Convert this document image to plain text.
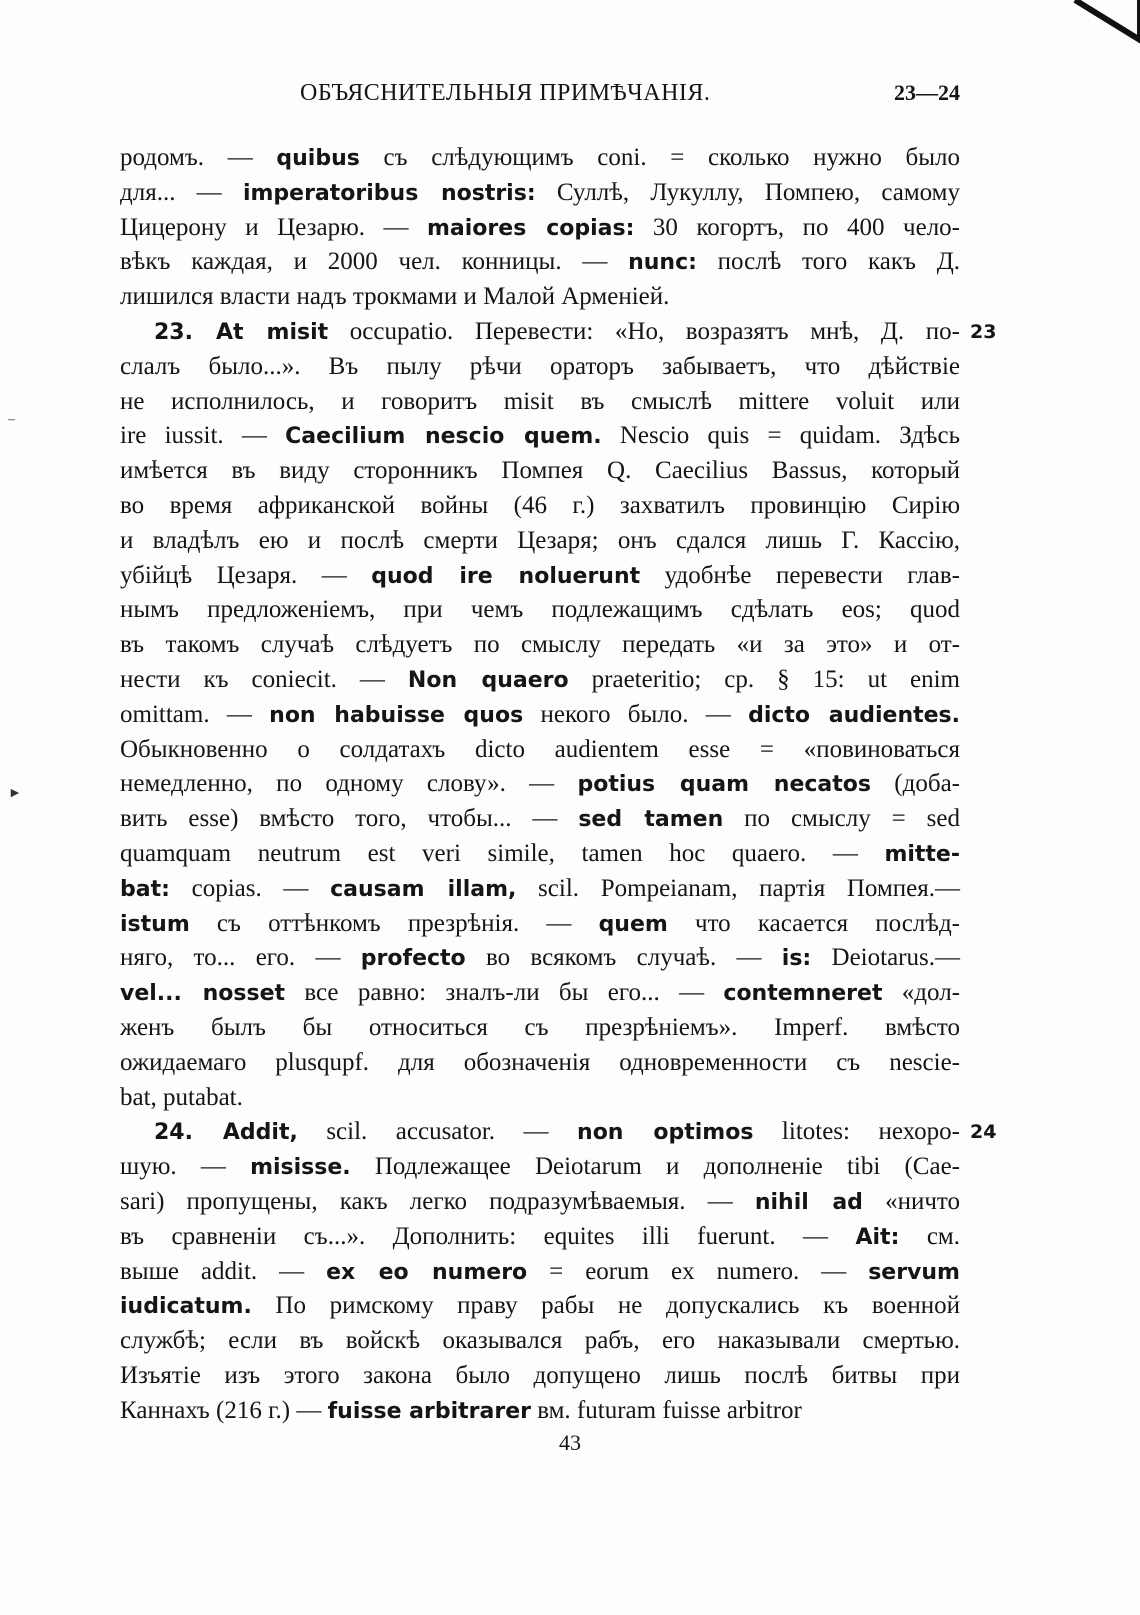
ОБЪЯСНИТЕЛЬНЫЯ ПРИМѢЧАНІЯ.	23—24
родомъ. — quibus съ слѣдующимъ coni. = сколько нужно было
для... — imperatoribus nostris: Суллѣ, Лукуллу, Помпею, самому
Цицерону и Цезарю. — maiores copias: 30 когортъ, по 400 чело-
вѣкъ каждая, и 2000 чел. конницы. — nunc: послѣ того какъ Д.
лишился власти надъ трокмами и Малой Арменіей.
23. At misit occupatio. Перевести: «Но, возразятъ мнѣ, Д. по- 23
слалъ было...». Въ пылу рѣчи ораторъ забываетъ, что дѣйствіе
не исполнилось, и говоритъ misit въ смыслѣ mittere voluit или
ire iussit. — Caecilium nescio quem. Nescio quis = quidam. Здѣсь
имѣется въ виду сторонникъ Помпея Q. Caecilius Bassus, который
во время африканской войны (46 г.) захватилъ провинцію Сирію
и владѣлъ ею и послѣ смерти Цезаря; онъ сдался лишь Г. Кассію,
убійцѣ Цезаря. — quod ire noluerunt удобнѣе перевести глав-
нымъ предложеніемъ, при чемъ подлежащимъ сдѣлать eos; quod
въ такомъ случаѣ слѣдуетъ по смыслу передать «и за это» и от-
нести къ coniecit. — Non quaero praeteritio; ср. § 15: ut enim
omittam. — non habuisse quos некого было. — dicto audientes.
Обыкновенно о солдатахъ dicto audientem esse = «повиноваться
немедленно, по одному слову». — potius quam necatos (доба-
вить esse) вмѣсто того, чтобы... — sed tamen по смыслу = sed
quamquam neutrum est veri simile, tamen hoc quaero. — mitte-
bat: copias. — causam illam, scil. Pompeianam, партія Помпея.—
istum съ оттѣнкомъ презрѣнія. — quem что касается послѣд-
няго, то... его. — profecto во всякомъ случаѣ. — is: Deiotarus.—
vel... nosset все равно: зналъ-ли бы его... — contemneret «дол-
женъ былъ бы относиться съ презрѣніемъ». Imperf. вмѣсто
ожидаемаго plusqupf. для обозначенія одновременности съ nescie-
bat, putabat.
24. Addit, scil. accusator. — non optimos litotes: нехоро- 24
шую. — misisse. Подлежащее Deiotarum и дополненіе tibi (Cae-
sari) пропущены, какъ легко подразумѣваемыя. — nihil ad «ничто
въ сравненіи съ...». Дополнить: equites illi fuerunt. — Ait: см.
выше addit. — ex eo numero = eorum ex numero. — servum
iudicatum. По римскому праву рабы не допускались къ военной
службѣ; если въ войскѣ оказывался рабъ, его наказывали смертью.
Изъятіе изъ этого закона было допущено лишь послѣ битвы при
Каннахъ (216 г.) — fuisse arbitrarer вм. futuram fuisse arbitror
–
►
43
